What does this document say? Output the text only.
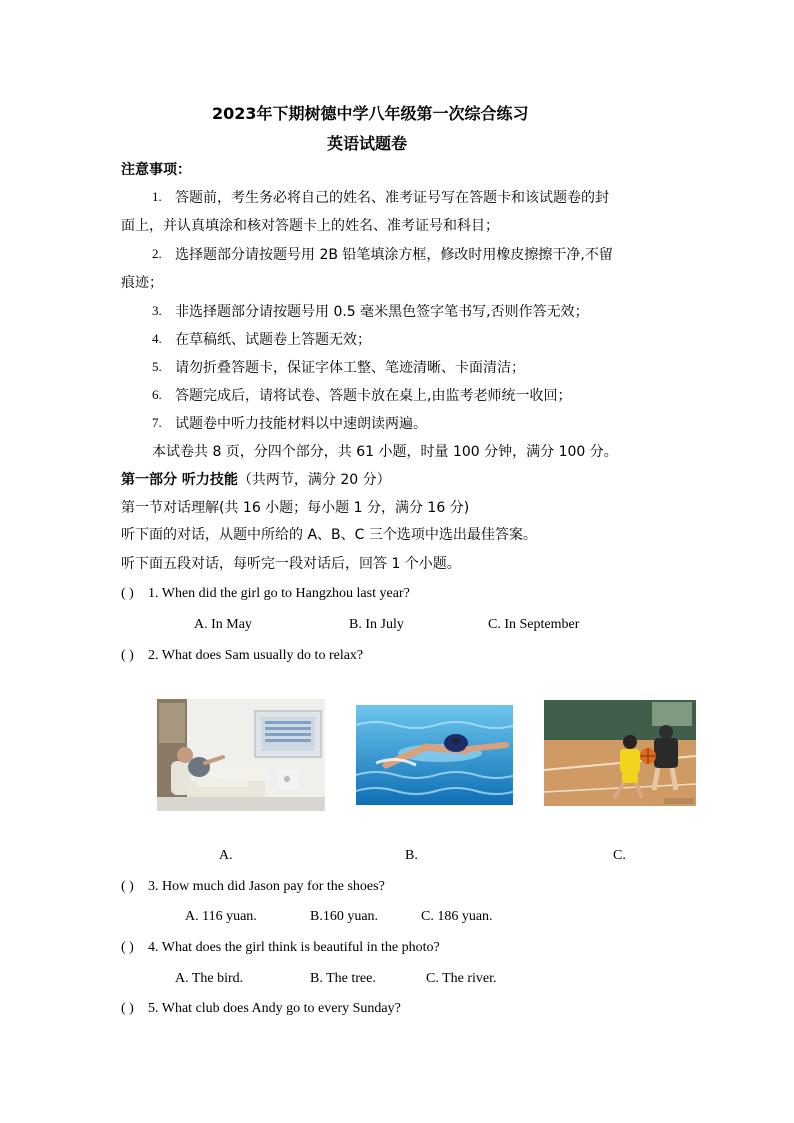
2023年下期树德中学八年级第一次综合练习
英语试题卷
注意事项：
1. 答题前，考生务必将自己的姓名、准考证号写在答题卡和该试题卷的封
面上，并认真填涂和核对答题卡上的姓名、准考证号和科目；
2. 选择题部分请按题号用 2B 铅笔填涂方框，修改时用橡皮擦擦干净,不留
痕迹；
3. 非选择题部分请按题号用 0.5 毫米黑色签字笔书写,否则作答无效；
4. 在草稿纸、试题卷上答题无效；
5. 请勿折叠答题卡，保证字体工整、笔迹清晰、卡面清洁；
6. 答题完成后，请将试卷、答题卡放在桌上,由监考老师统一收回；
7. 试题卷中听力技能材料以中速朗读两遍。
本试卷共 8 页，分四个部分，共 61 小题，时量 100 分钟，满分 100 分。
第一部分 听力技能（共两节，满分 20 分）
第一节对话理解(共 16 小题；每小题 1 分，满分 16 分)
听下面的对话，从题中所给的 A、B、C 三个选项中选出最佳答案。
听下面五段对话，每听完一段对话后，回答 1 个小题。
( ) 1. When did the girl go to Hangzhou last year?
A. In May	B. In July	C. In September
( ) 2. What does Sam usually do to relax?
A.	B.	C.
( ) 3. How much did Jason pay for the shoes?
A. 116 yuan.	B.160 yuan.	C. 186 yuan.
( ) 4. What does the girl think is beautiful in the photo?
A. The bird.	B. The tree.	C. The river.
( ) 5. What club does Andy go to every Sunday?
